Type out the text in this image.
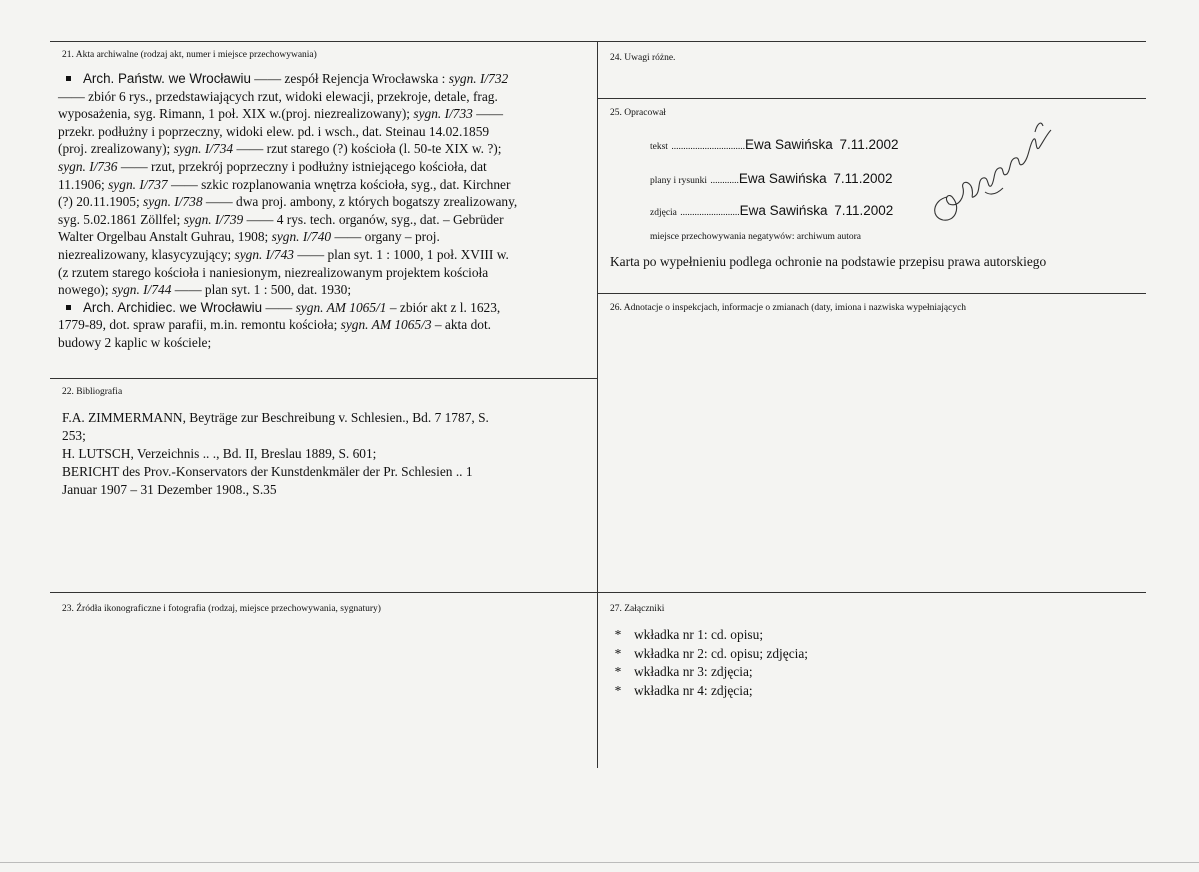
21. Akta archiwalne (rodzaj akt, numer i miejsce przechowywania)
Arch. Państw. we Wrocławiu —— zespół Rejencja Wrocławska : sygn. I/732
—— zbiór 6 rys., przedstawiających rzut, widoki elewacji, przekroje, detale, frag.
wyposażenia, syg. Rimann, 1 poł. XIX w.(proj. niezrealizowany); sygn. I/733 ——
przekr. podłużny i poprzeczny, widoki elew. pd. i wsch., dat. Steinau 14.02.1859
(proj. zrealizowany); sygn. I/734 —— rzut starego (?) kościoła (l. 50-te XIX w. ?);
sygn. I/736 —— rzut, przekrój poprzeczny i podłużny istniejącego kościoła, dat
11.1906; sygn. I/737 —— szkic rozplanowania wnętrza kościoła, syg., dat. Kirchner
(?) 20.11.1905; sygn. I/738 —— dwa proj. ambony, z których bogatszy zrealizowany,
syg. 5.02.1861 Zöllfel; sygn. I/739 —— 4 rys. tech. organów, syg., dat. – Gebrüder
Walter Orgelbau Anstalt Guhrau, 1908; sygn. I/740 —— organy – proj.
niezrealizowany, klasycyzujący; sygn. I/743 —— plan syt. 1 : 1000, 1 poł. XVIII w.
(z rzutem starego kościoła i naniesionym, niezrealizowanym projektem kościoła
nowego); sygn. I/744 —— plan syt. 1 : 500, dat. 1930;
Arch. Archidiec. we Wrocławiu —— sygn. AM 1065/1 – zbiór akt z l. 1623,
1779-89, dot. spraw parafii, m.in. remontu kościoła; sygn. AM 1065/3 – akta dot.
budowy 2 kaplic w kościele;
22. Bibliografia
F.A. ZIMMERMANN, Beyträge zur Beschreibung v. Schlesien., Bd. 7 1787, S.
253;
H. LUTSCH, Verzeichnis .. ., Bd. II, Breslau 1889, S. 601;
BERICHT des Prov.-Konservators der Kunstdenkmäler der Pr. Schlesien .. 1
Januar 1907 – 31 Dezember 1908., S.35
23. Źródła ikonograficzne i fotografia (rodzaj, miejsce przechowywania, sygnatury)
24. Uwagi różne.
25. Opracował
tekst ...............................Ewa Sawińska 7.11.2002
plany i rysunki ............Ewa Sawińska 7.11.2002
zdjęcia .........................Ewa Sawińska 7.11.2002
miejsce przechowywania negatywów: archiwum autora
Karta po wypełnieniu podlega ochronie na podstawie przepisu prawa autorskiego
26. Adnotacje o inspekcjach, informacje o zmianach (daty, imiona i nazwiska wypełniających
27. Załączniki
* wkładka nr 1: cd. opisu;
* wkładka nr 2: cd. opisu; zdjęcia;
* wkładka nr 3: zdjęcia;
* wkładka nr 4: zdjęcia;
